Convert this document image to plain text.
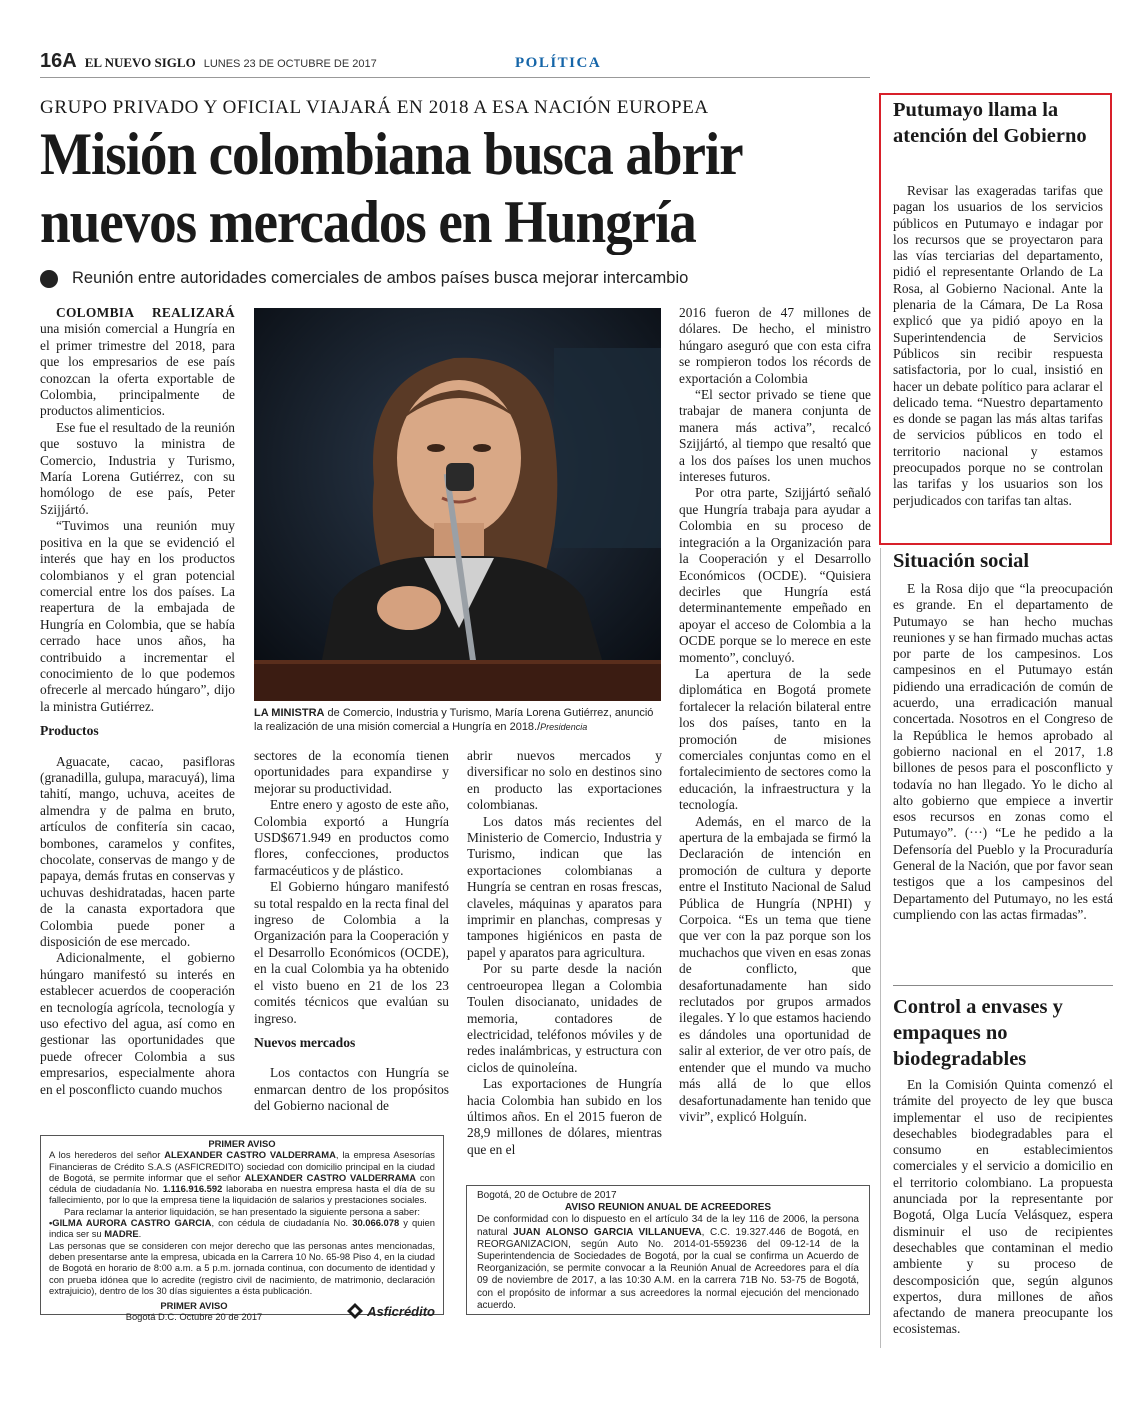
16A EL NUEVO SIGLO LUNES 23 DE OCTUBRE DE 2017	POLÍTICA
GRUPO PRIVADO Y OFICIAL VIAJARÁ EN 2018 A ESA NACIÓN EUROPEA
Misión colombiana busca abrir
nuevos mercados en Hungría
Reunión entre autoridades comerciales de ambos países busca mejorar intercambio

COLOMBIA REALIZARÁ una misión comercial a Hungría en el primer trimestre del 2018, para que los empresarios de ese país conozcan la oferta exportable de Colombia, principalmente de productos alimenticios.

Ese fue el resultado de la reunión que sostuvo la ministra de Comercio, Industria y Turismo, María Lorena Gutiérrez, con su homólogo de ese país, Peter Szijjártó.

“Tuvimos una reunión muy positiva en la que se evidenció el interés que hay en los productos colombianos y el gran potencial comercial entre los dos países. La reapertura de la embajada de Hungría en Colombia, que se había cerrado hace unos años, ha contribuido a incrementar el conocimiento de lo que podemos ofrecerle al mercado húngaro”, dijo la ministra Gutiérrez.

Productos

Aguacate, cacao, pasifloras (granadilla, gulupa, maracuyá), lima tahití, mango, uchuva, aceites de almendra y de palma en bruto, artículos de confitería sin cacao, bombones, caramelos y confites, chocolate, conservas de mango y de papaya, demás frutas en conservas y uchuvas deshidratadas, hacen parte de la canasta exportadora que Colombia puede poner a disposición de ese mercado.

Adicionalmente, el gobierno húngaro manifestó su interés en establecer acuerdos de cooperación en tecnología agrícola, tecnología y uso efectivo del agua, así como en gestionar las oportunidades que puede ofrecer Colombia a sus empresarios, especialmente ahora en el posconflicto cuando muchos

LA MINISTRA de Comercio, Industria y Turismo, María Lorena Gutiérrez, anunció la realización de una misión comercial a Hungría en 2018./Presidencia

sectores de la economía tienen oportunidades para expandirse y mejorar su productividad.

Entre enero y agosto de este año, Colombia exportó a Hungría USD$671.949 en productos como flores, confecciones, productos farmacéuticos y de plástico.

El Gobierno húngaro manifestó su total respaldo en la recta final del ingreso de Colombia a la Organización para la Cooperación y el Desarrollo Económicos (OCDE), en la cual Colombia ya ha obtenido el visto bueno en 21 de los 23 comités técnicos que evalúan su ingreso.

Nuevos mercados

Los contactos con Hungría se enmarcan dentro de los propósitos del Gobierno nacional de

abrir nuevos mercados y diversificar no solo en destinos sino en producto las exportaciones colombianas.

Los datos más recientes del Ministerio de Comercio, Industria y Turismo, indican que las exportaciones colombianas a Hungría se centran en rosas frescas, claveles, máquinas y aparatos para imprimir en planchas, compresas y tampones higiénicos en pasta de papel y aparatos para agricultura.

Por su parte desde la nación centroeuropea llegan a Colombia Toulen disocianato, unidades de memoria, contadores de electricidad, teléfonos móviles y de redes inalámbricas, y estructura con ciclos de quinoleína.

Las exportaciones de Hungría hacia Colombia han subido en los últimos años. En el 2015 fueron de 28,9 millones de dólares, mientras que en el

2016 fueron de 47 millones de dólares. De hecho, el ministro húngaro aseguró que con esta cifra se rompieron todos los récords de exportación a Colombia

“El sector privado se tiene que trabajar de manera conjunta de manera más activa”, recalcó Szijjártó, al tiempo que resaltó que a los dos países los unen muchos intereses futuros.

Por otra parte, Szijjártó señaló que Hungría trabaja para ayudar a Colombia en su proceso de integración a la Organización para la Cooperación y el Desarrollo Económicos (OCDE). “Quisiera decirles que Hungría está determinantemente empeñado en apoyar el acceso de Colombia a la OCDE porque se lo merece en este momento”, concluyó.

La apertura de la sede diplomática en Bogotá promete fortalecer la relación bilateral entre los dos países, tanto en la promoción de misiones comerciales conjuntas como en el fortalecimiento de sectores como la educación, la infraestructura y la tecnología.

Además, en el marco de la apertura de la embajada se firmó la Declaración de intención en promoción de cultura y deporte entre el Instituto Nacional de Salud Pública de Hungría (NPHI) y Corpoica. “Es un tema que tiene que ver con la paz porque son los muchachos que viven en esas zonas de conflicto, que desafortunadamente han sido reclutados por grupos armados ilegales. Y lo que estamos haciendo es dándoles una oportunidad de salir al exterior, de ver otro país, de entender que el mundo va mucho más allá de lo que ellos desafortunadamente han tenido que vivir”, explicó Holguín.

Putumayo llama la atención del Gobierno

Revisar las exageradas tarifas que pagan los usuarios de los servicios públicos en Putumayo e indagar por los recursos que se proyectaron para las vías terciarias del departamento, pidió el representante Orlando de La Rosa, al Gobierno Nacional. Ante la plenaria de la Cámara, De La Rosa explicó que ya pidió apoyo en la Superintendencia de Servicios Públicos sin recibir respuesta satisfactoria, por lo cual, insistió en hacer un debate político para aclarar el delicado tema. “Nuestro departamento es donde se pagan las más altas tarifas de servicios públicos en todo el territorio nacional y estamos preocupados porque no se controlan las tarifas y los usuarios son los perjudicados con tarifas tan altas.

Situación social

E la Rosa dijo que “la preocupación es grande. En el departamento de Putumayo se han hecho muchas reuniones y se han firmado muchas actas por parte de los campesinos. Los campesinos en el Putumayo están pidiendo una erradicación de común de acuerdo, una erradicación manual concertada. Nosotros en el Congreso de la República le hemos aprobado al gobierno nacional en el 2017, 1.8 billones de pesos para el posconflicto y todavía no han llegado. Yo le dicho al alto gobierno que empiece a invertir esos recursos en zonas como el Putumayo”. (···) “Le he pedido a la Defensoría del Pueblo y la Procuraduría General de la Nación, que por favor sean testigos que a los campesinos del Departamento del Putumayo, no les está cumpliendo con las actas firmadas”.

Control a envases y empaques no biodegradables

En la Comisión Quinta comenzó el trámite del proyecto de ley que busca implementar el uso de recipientes desechables biodegradables para el consumo en establecimientos comerciales y el servicio a domicilio en el territorio colombiano. La propuesta anunciada por la representante por Bogotá, Olga Lucía Velásquez, espera disminuir el uso de recipientes desechables que contaminan el medio ambiente y su proceso de descomposición que, según algunos expertos, dura millones de años afectando de manera preocupante los ecosistemas.

PRIMER AVISO

A los herederos del señor ALEXANDER CASTRO VALDERRAMA, la empresa Asesorías Financieras de Crédito S.A.S (ASFICREDITO) sociedad con domicilio principal en la ciudad de Bogotá, se permite informar que el señor ALEXANDER CASTRO VALDERRAMA con cédula de ciudadanía No. 1.116.916.592 laboraba en nuestra empresa hasta el día de su fallecimiento, por lo que la empresa tiene la liquidación de salarios y prestaciones sociales.

Para reclamar la anterior liquidación, se han presentado la siguiente persona a saber:

•GILMA AURORA CASTRO GARCIA, con cédula de ciudadanía No. 30.066.078 y quien indica ser su MADRE.

Las personas que se consideren con mejor derecho que las personas antes mencionadas, deben presentarse ante la empresa, ubicada en la Carrera 10 No. 65-98 Piso 4, en la ciudad de Bogotá en horario de 8:00 a.m. a 5 p.m. jornada continua, con documento de identidad y con prueba idónea que lo acredite (registro civil de nacimiento, de matrimonio, declaración extrajuicio), dentro de los 30 días siguientes a ésta publicación.

PRIMER AVISO
Bogotá D.C. Octubre 20 de 2017	Asficrédito
Bogotá, 20 de Octubre de 2017
AVISO REUNION ANUAL DE ACREEDORES

De conformidad con lo dispuesto en el artículo 34 de la ley 116 de 2006, la persona natural JUAN ALONSO GARCIA VILLANUEVA, C.C. 19.327.446 de Bogotá, en REORGANIZACION, según Auto No. 2014-01-559236 del 09-12-14 de la Superintendencia de Sociedades de Bogotá, por la cual se confirma un Acuerdo de Reorganización, se permite convocar a la Reunión Anual de Acreedores para el día 09 de noviembre de 2017, a las 10:30 A.M. en la carrera 71B No. 53-75 de Bogotá, con el propósito de informar a sus acreedores la normal ejecución del mencionado acuerdo.
